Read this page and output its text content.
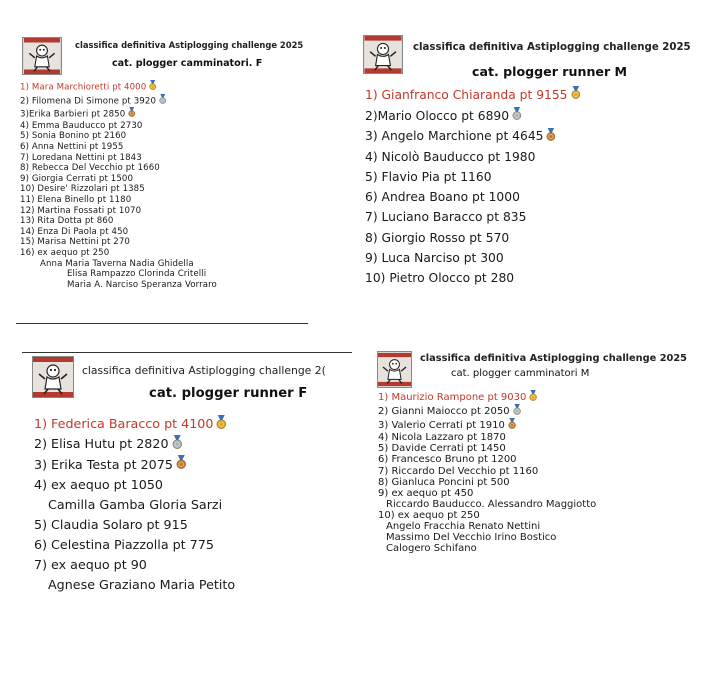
classifica definitiva Astiplogging challenge 2025
cat. plogger camminatori. F
1) Mara Marchioretti pt 4000
2) Filomena Di Simone pt 3920
3)Erika Barbieri pt 2850
4) Emma Bauducco pt 2730
5) Sonia Bonino pt 2160
6) Anna Nettini pt 1955
7) Loredana Nettini pt 1843
8) Rebecca Del Vecchio pt 1660
9) Giorgia Cerrati pt 1500
10) Desire' Rizzolari pt 1385
11) Elena Binello pt 1180
12) Martina Fossati pt 1070
13) Rita Dotta pt 860
14) Enza Di Paola pt 450
15) Marisa Nettini pt 270
16) ex aequo pt 250
Anna Maria Taverna Nadia Ghidella
Elisa Rampazzo Clorinda Critelli
Maria A. Narciso Speranza Vorraro
classifica definitiva Astiplogging challenge 2025
cat. plogger runner M
1) Gianfranco Chiaranda pt 9155
2)Mario Olocco pt 6890
3) Angelo Marchione pt 4645
4) Nicolò Bauducco pt 1980
5) Flavio Pia pt 1160
6) Andrea Boano pt 1000
7) Luciano Baracco pt 835
8) Giorgio Rosso pt 570
9) Luca Narciso pt 300
10) Pietro Olocco pt 280
classifica definitiva Astiplogging challenge 2(
cat. plogger runner F
1) Federica Baracco pt 4100
2) Elisa Hutu pt 2820
3) Erika Testa pt 2075
4) ex aequo pt 1050
Camilla Gamba Gloria Sarzi
5) Claudia Solaro pt 915
6) Celestina Piazzolla pt 775
7) ex aequo pt 90
Agnese Graziano Maria Petito
classifica definitiva Astiplogging challenge 2025
cat. plogger camminatori M
1) Maurizio Rampone pt 9030
2) Gianni Maiocco pt 2050
3) Valerio Cerrati pt 1910
4) Nicola Lazzaro pt 1870
5) Davide Cerrati pt 1450
6) Francesco Bruno pt 1200
7) Riccardo Del Vecchio pt 1160
8) Gianluca Poncini pt 500
9) ex aequo pt 450
Riccardo Bauducco. Alessandro Maggiotto
10) ex aequo pt 250
Angelo Fracchia Renato Nettini
Massimo Del Vecchio Irino Bostico
Calogero Schifano
